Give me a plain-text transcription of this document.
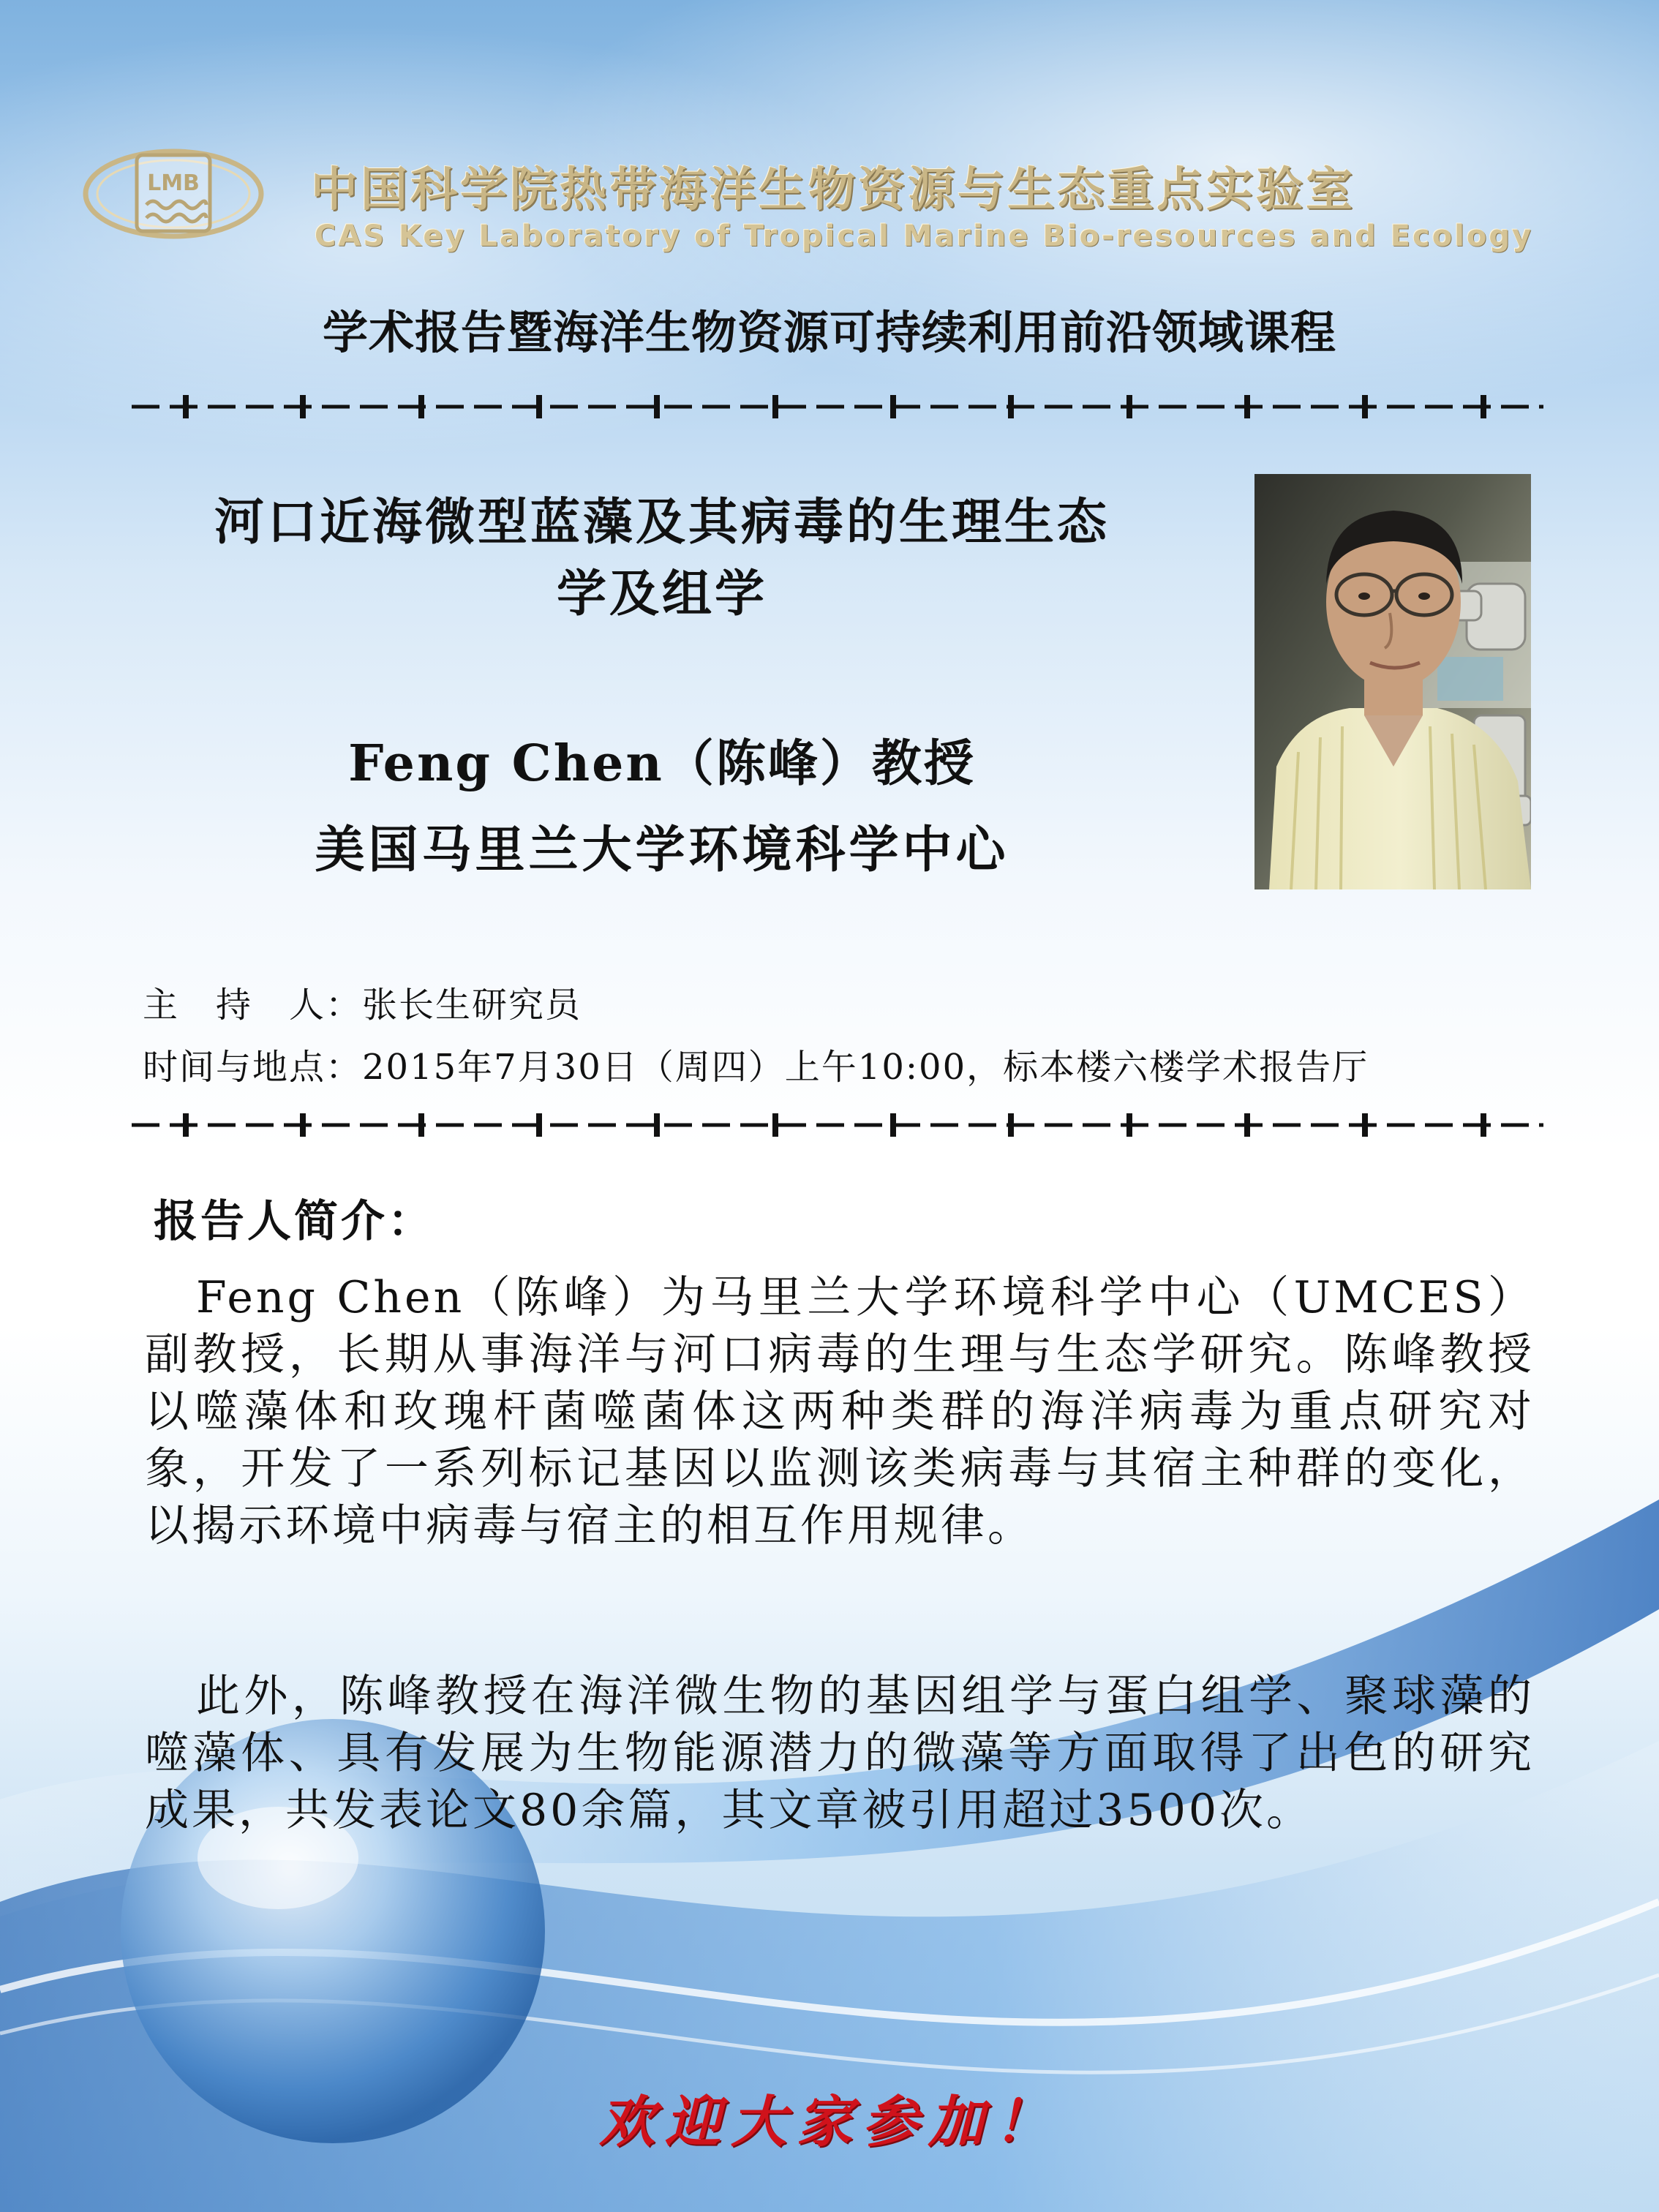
LMB 中国科学院热带海洋生物资源与生态重点实验室
CAS Key Laboratory of Tropical Marine Bio-resources and Ecology
学术报告暨海洋生物资源可持续利用前沿领域课程
河口近海微型蓝藻及其病毒的生理生态
学及组学
Feng Chen（陈峰）教授
美国马里兰大学环境科学中心
主　持　人：张长生研究员
时间与地点：2015年7月30日（周四）上午10:00，标本楼六楼学术报告厅
报告人简介：
Feng Chen（陈峰）为马里兰大学环境科学中心（UMCES）副教授，长期从事海洋与河口病毒的生理与生态学研究。陈峰教授以噬藻体和玫瑰杆菌噬菌体这两种类群的海洋病毒为重点研究对象，开发了一系列标记基因以监测该类病毒与其宿主种群的变化，以揭示环境中病毒与宿主的相互作用规律。
此外，陈峰教授在海洋微生物的基因组学与蛋白组学、聚球藻的噬藻体、具有发展为生物能源潜力的微藻等方面取得了出色的研究成果，共发表论文80余篇，其文章被引用超过3500次。
欢迎大家参加！
